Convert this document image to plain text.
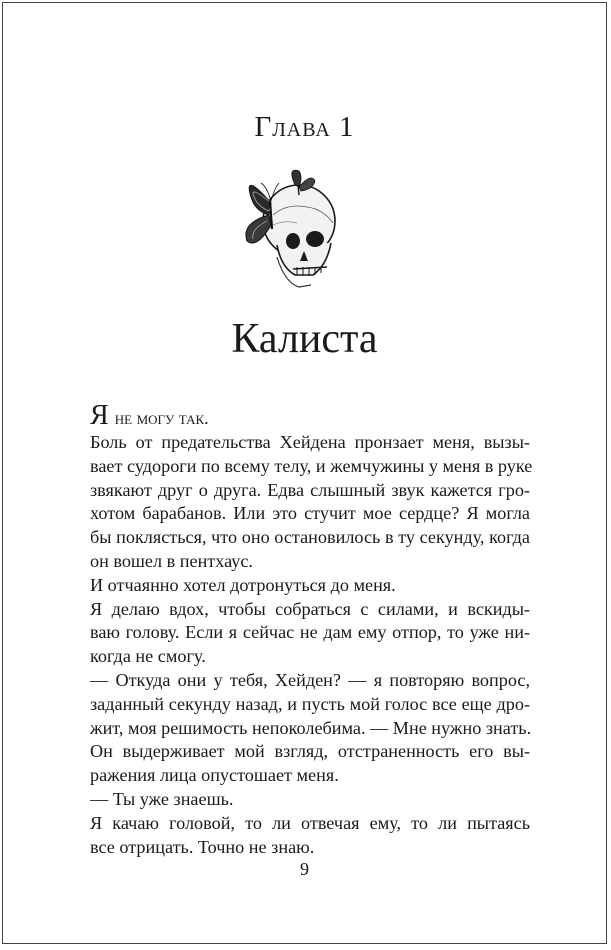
Глава 1
Калиста
Яне могу так.
Боль от предательства Хейдена пронзает меня, вызы-
вает судороги по всему телу, и жемчужины у меня в руке
звякают друг о друга. Едва слышный звук кажется гро-
хотом барабанов. Или это стучит мое сердце? Я могла
бы поклясться, что оно остановилось в ту секунду, когда
он вошел в пентхаус.
И отчаянно хотел дотронуться до меня.
Я делаю вдох, чтобы собраться с силами, и вскиды-
ваю голову. Если я сейчас не дам ему отпор, то уже ни-
когда не смогу.
— Откуда они у тебя, Хейден? — я повторяю вопрос,
заданный секунду назад, и пусть мой голос все еще дро-
жит, моя решимость непоколебима. — Мне нужно знать.
Он выдерживает мой взгляд, отстраненность его вы-
ражения лица опустошает меня.
— Ты уже знаешь.
Я качаю головой, то ли отвечая ему, то ли пытаясь
все отрицать. Точно не знаю.
9
